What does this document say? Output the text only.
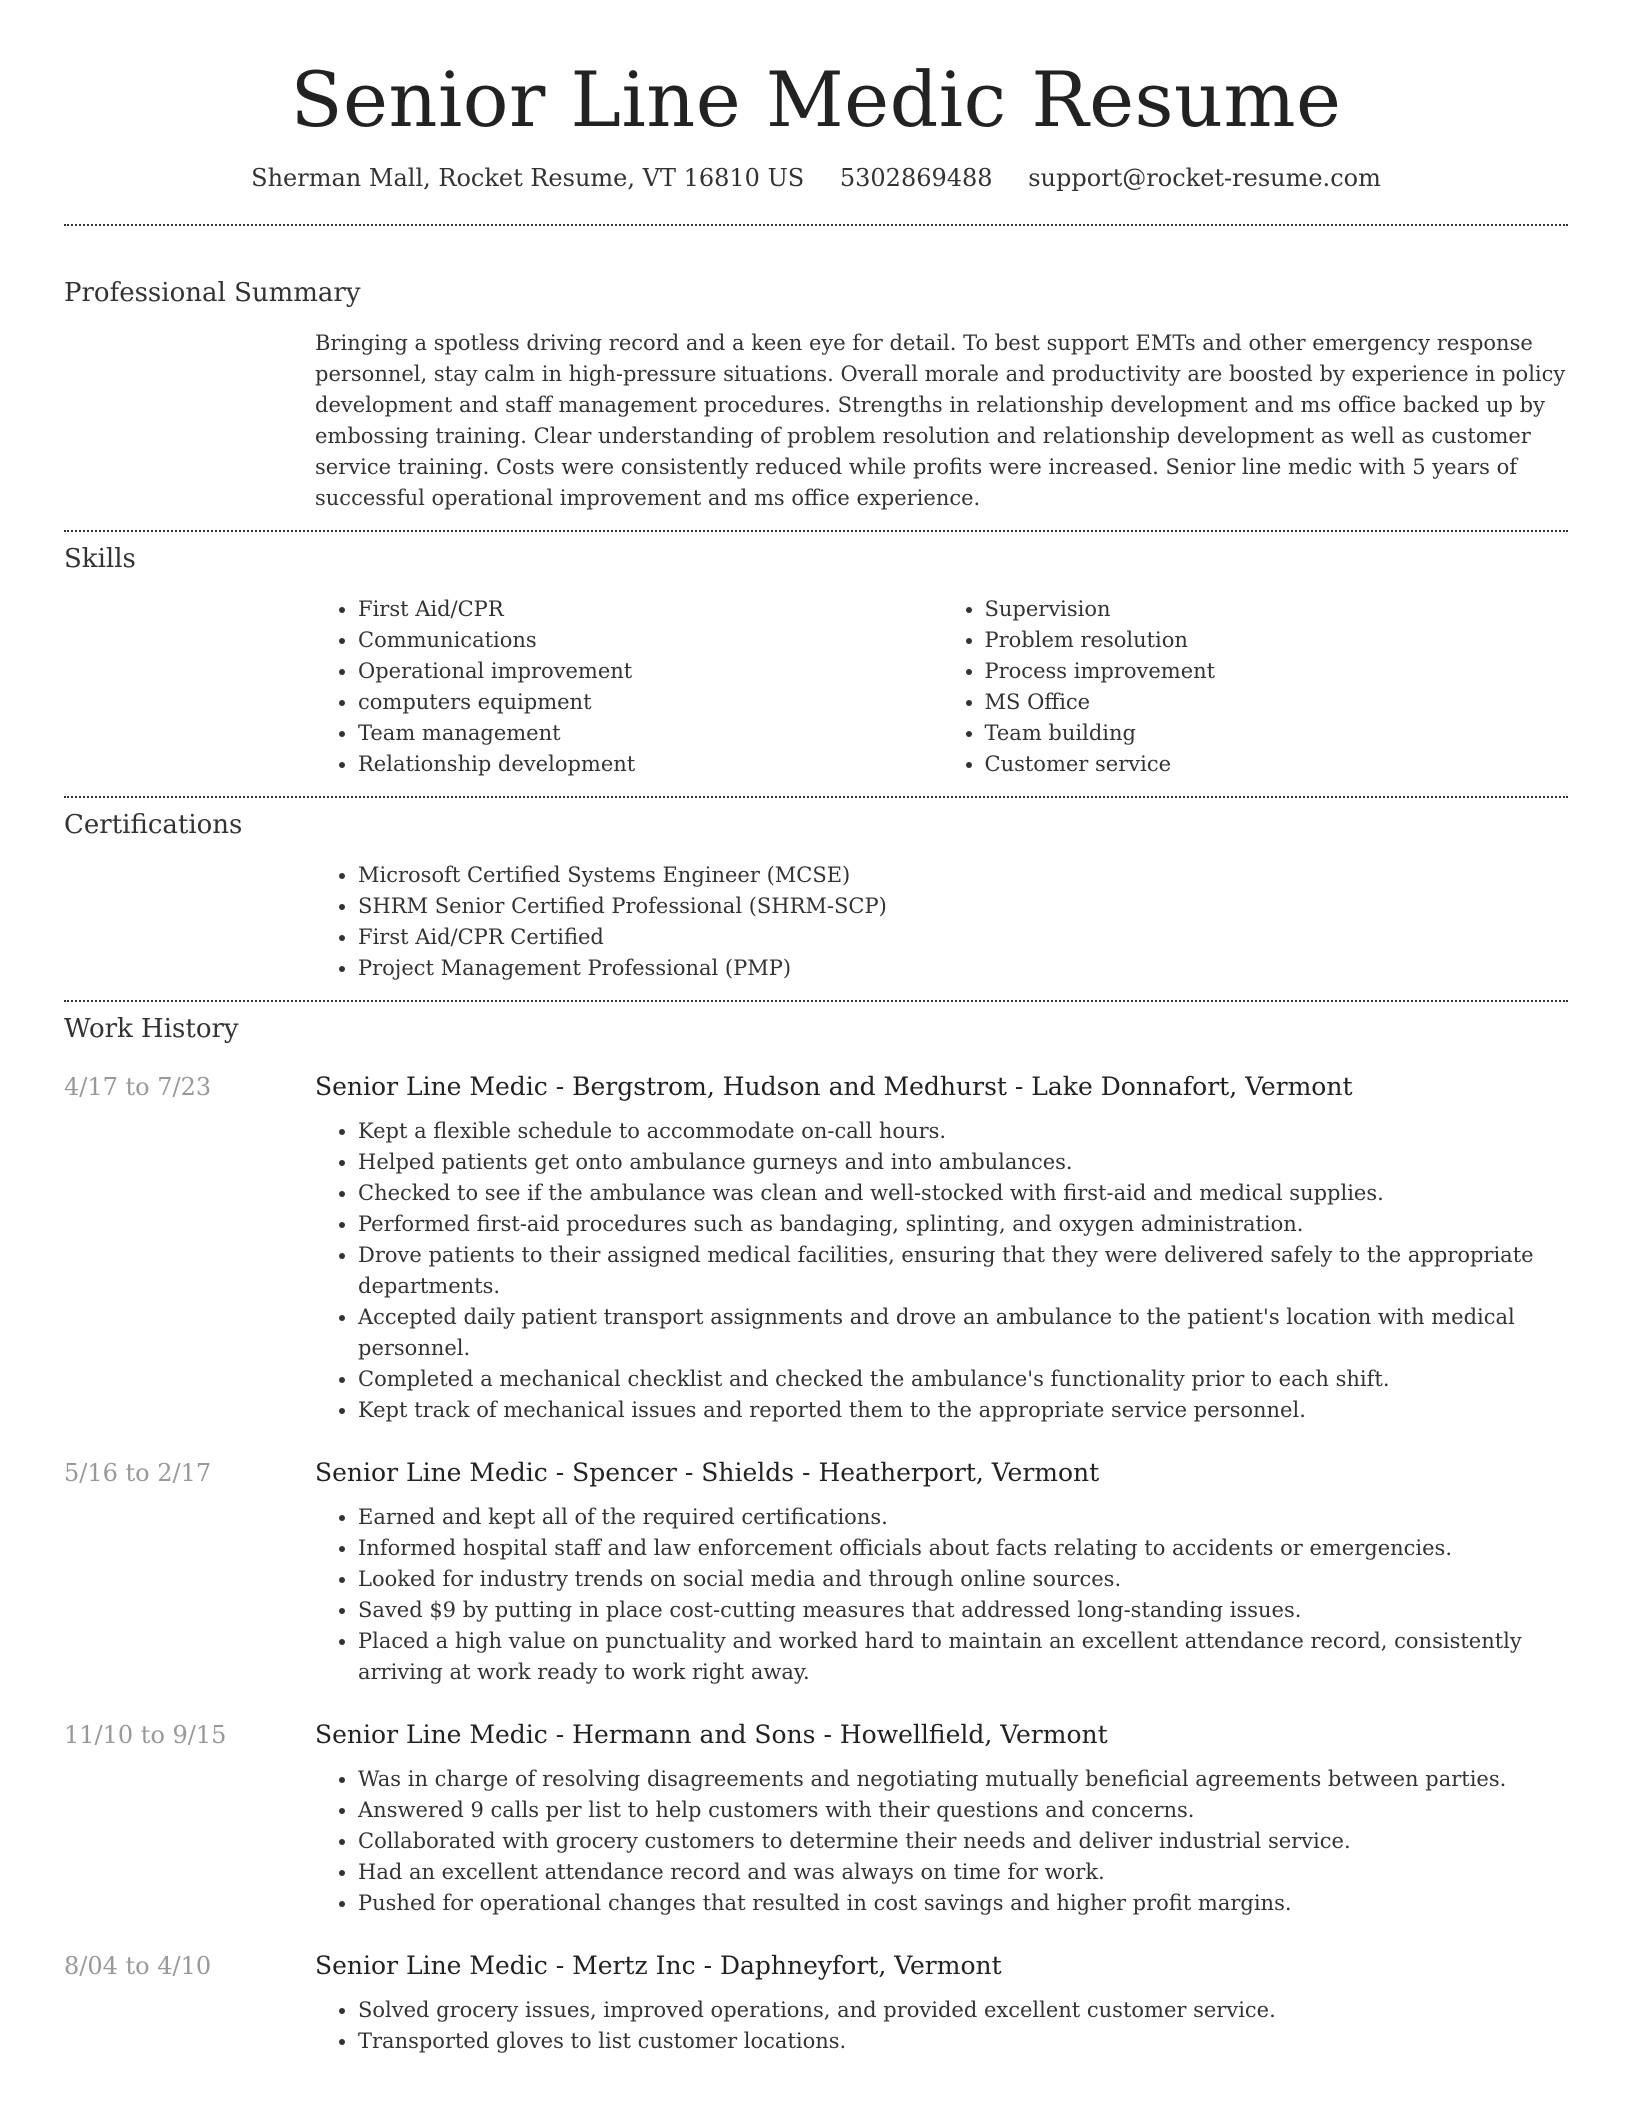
Senior Line Medic Resume
Sherman Mall, Rocket Resume, VT 16810 US 5302869488 support@rocket-resume.com
Professional Summary

Bringing a spotless driving record and a keen eye for detail. To best support EMTs and other emergency response personnel, stay calm in high-pressure situations. Overall morale and productivity are boosted by experience in policy development and staff management procedures. Strengths in relationship development and ms office backed up by embossing training. Clear understanding of problem resolution and relationship development as well as customer service training. Costs were consistently reduced while profits were increased. Senior line medic with 5 years of successful operational improvement and ms office experience.

Skills
• First Aid/CPR
• Communications
• Operational improvement
• computers equipment
• Team management
• Relationship development
• Supervision
• Problem resolution
• Process improvement
• MS Office
• Team building
• Customer service
Certifications
• Microsoft Certified Systems Engineer (MCSE)
• SHRM Senior Certified Professional (SHRM-SCP)
• First Aid/CPR Certified
• Project Management Professional (PMP)
Work History
4/17 to 7/23	Senior Line Medic - Bergstrom, Hudson and Medhurst - Lake Donnafort, Vermont
• Kept a flexible schedule to accommodate on-call hours.
• Helped patients get onto ambulance gurneys and into ambulances.
• Checked to see if the ambulance was clean and well-stocked with first-aid and medical supplies.
• Performed first-aid procedures such as bandaging, splinting, and oxygen administration.
• Drove patients to their assigned medical facilities, ensuring that they were delivered safely to the appropriate departments.
• Accepted daily patient transport assignments and drove an ambulance to the patient's location with medical personnel.
• Completed a mechanical checklist and checked the ambulance's functionality prior to each shift.
• Kept track of mechanical issues and reported them to the appropriate service personnel.
5/16 to 2/17	Senior Line Medic - Spencer - Shields - Heatherport, Vermont
• Earned and kept all of the required certifications.
• Informed hospital staff and law enforcement officials about facts relating to accidents or emergencies.
• Looked for industry trends on social media and through online sources.
• Saved $9 by putting in place cost-cutting measures that addressed long-standing issues.
• Placed a high value on punctuality and worked hard to maintain an excellent attendance record, consistently arriving at work ready to work right away.
11/10 to 9/15	Senior Line Medic - Hermann and Sons - Howellfield, Vermont
• Was in charge of resolving disagreements and negotiating mutually beneficial agreements between parties.
• Answered 9 calls per list to help customers with their questions and concerns.
• Collaborated with grocery customers to determine their needs and deliver industrial service.
• Had an excellent attendance record and was always on time for work.
• Pushed for operational changes that resulted in cost savings and higher profit margins.
8/04 to 4/10	Senior Line Medic - Mertz Inc - Daphneyfort, Vermont
• Solved grocery issues, improved operations, and provided excellent customer service.
• Transported gloves to list customer locations.
